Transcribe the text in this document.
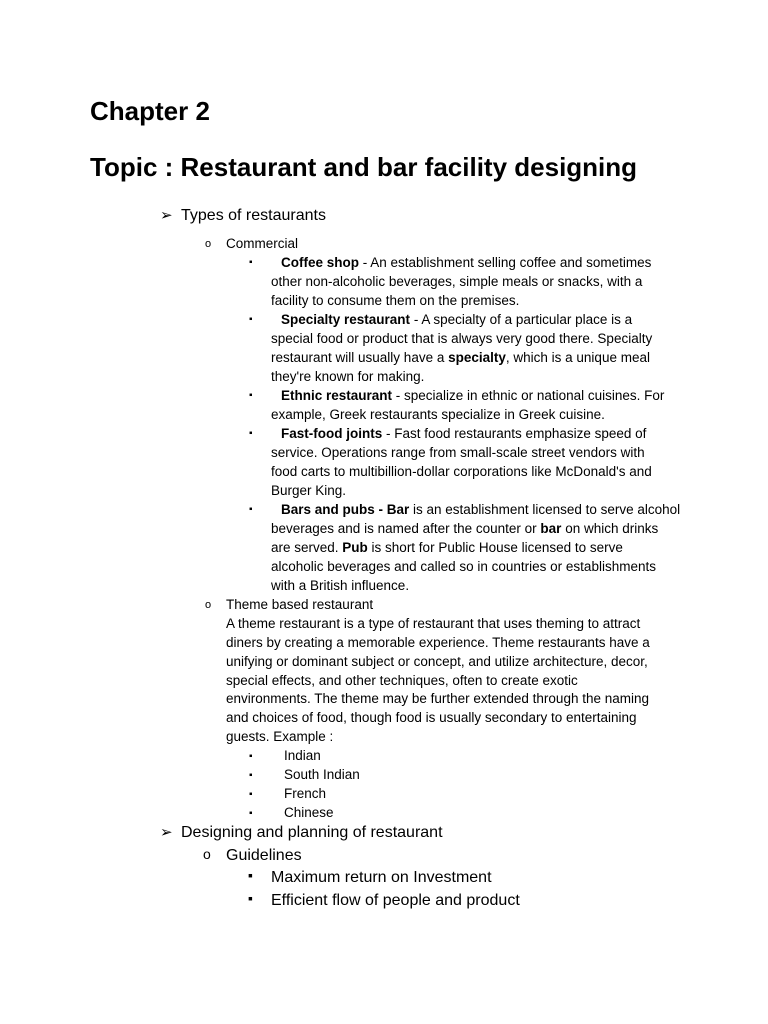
Chapter 2
Topic : Restaurant and bar facility designing
➢ Types of restaurants
o Commercial
▪	Coffee shop - An establishment selling coffee and sometimes
other non-alcoholic beverages, simple meals or snacks, with a
facility to consume them on the premises.
▪	Specialty restaurant - A specialty of a particular place is a
special food or product that is always very good there. Specialty
restaurant will usually have a specialty, which is a unique meal
they're known for making.
▪	Ethnic restaurant - specialize in ethnic or national cuisines. For
example, Greek restaurants specialize in Greek cuisine.
▪	Fast-food joints - Fast food restaurants emphasize speed of
service. Operations range from small-scale street vendors with
food carts to multibillion-dollar corporations like McDonald's and
Burger King.
▪	Bars and pubs - Bar is an establishment licensed to serve alcohol
beverages and is named after the counter or bar on which drinks
are served. Pub is short for Public House licensed to serve
alcoholic beverages and called so in countries or establishments
with a British influence.
o Theme based restaurant
A theme restaurant is a type of restaurant that uses theming to attract
diners by creating a memorable experience. Theme restaurants have a
unifying or dominant subject or concept, and utilize architecture, decor,
special effects, and other techniques, often to create exotic
environments. The theme may be further extended through the naming
and choices of food, though food is usually secondary to entertaining
guests. Example :
▪ Indian
▪ South Indian
▪ French
▪ Chinese
➢ Designing and planning of restaurant
o Guidelines
▪ Maximum return on Investment
▪ Efficient flow of people and product
